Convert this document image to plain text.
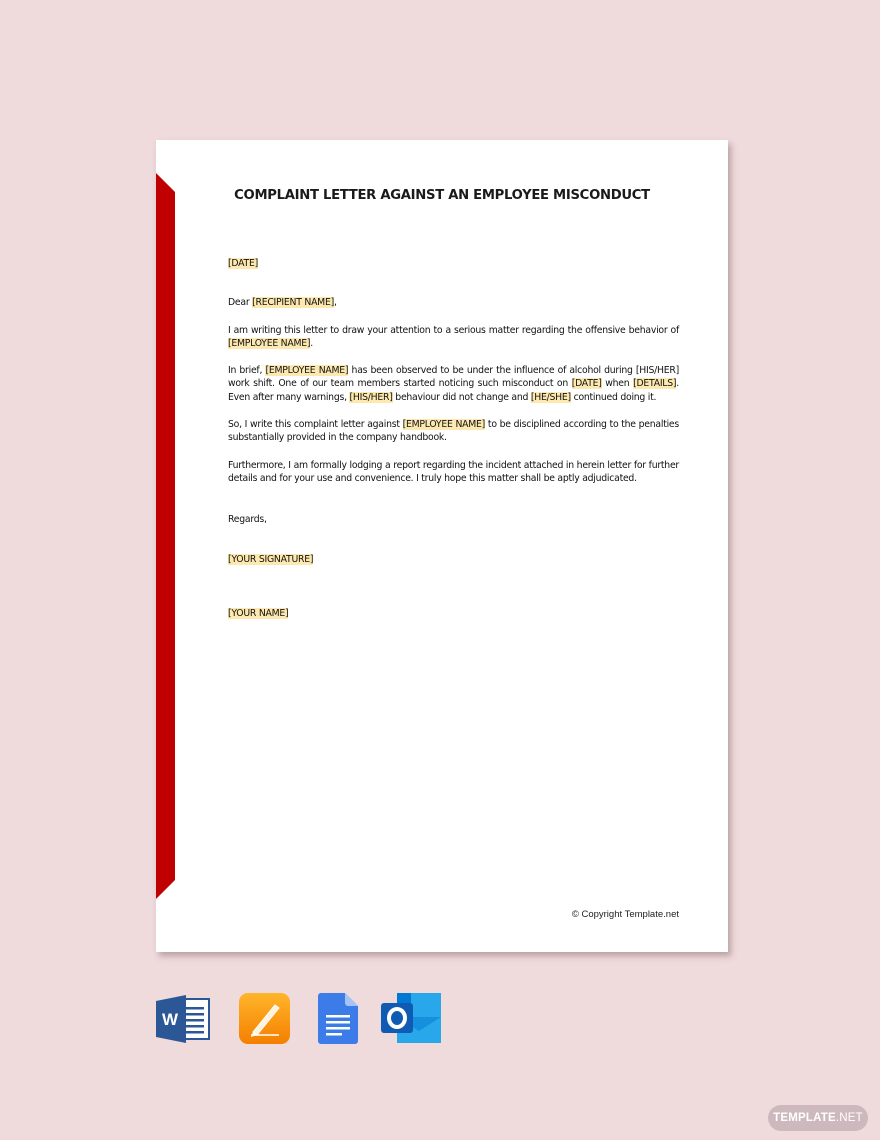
COMPLAINT LETTER AGAINST AN EMPLOYEE MISCONDUCT
[DATE]
Dear [RECIPIENT NAME],
I am writing this letter to draw your attention to a serious matter regarding the offensive behavior of [EMPLOYEE NAME].
In brief, [EMPLOYEE NAME] has been observed to be under the influence of alcohol during [HIS/HER] work shift. One of our team members started noticing such misconduct on [DATE] when [DETAILS]. Even after many warnings, [HIS/HER] behaviour did not change and [HE/SHE] continued doing it.
So, I write this complaint letter against [EMPLOYEE NAME] to be disciplined according to the penalties substantially provided in the company handbook.
Furthermore, I am formally lodging a report regarding the incident attached in herein letter for further details and for your use and convenience. I truly hope this matter shall be aptly adjudicated.
Regards,
[YOUR SIGNATURE]
[YOUR NAME]
© Copyright Template.net
W
TEMPLATE.NET
